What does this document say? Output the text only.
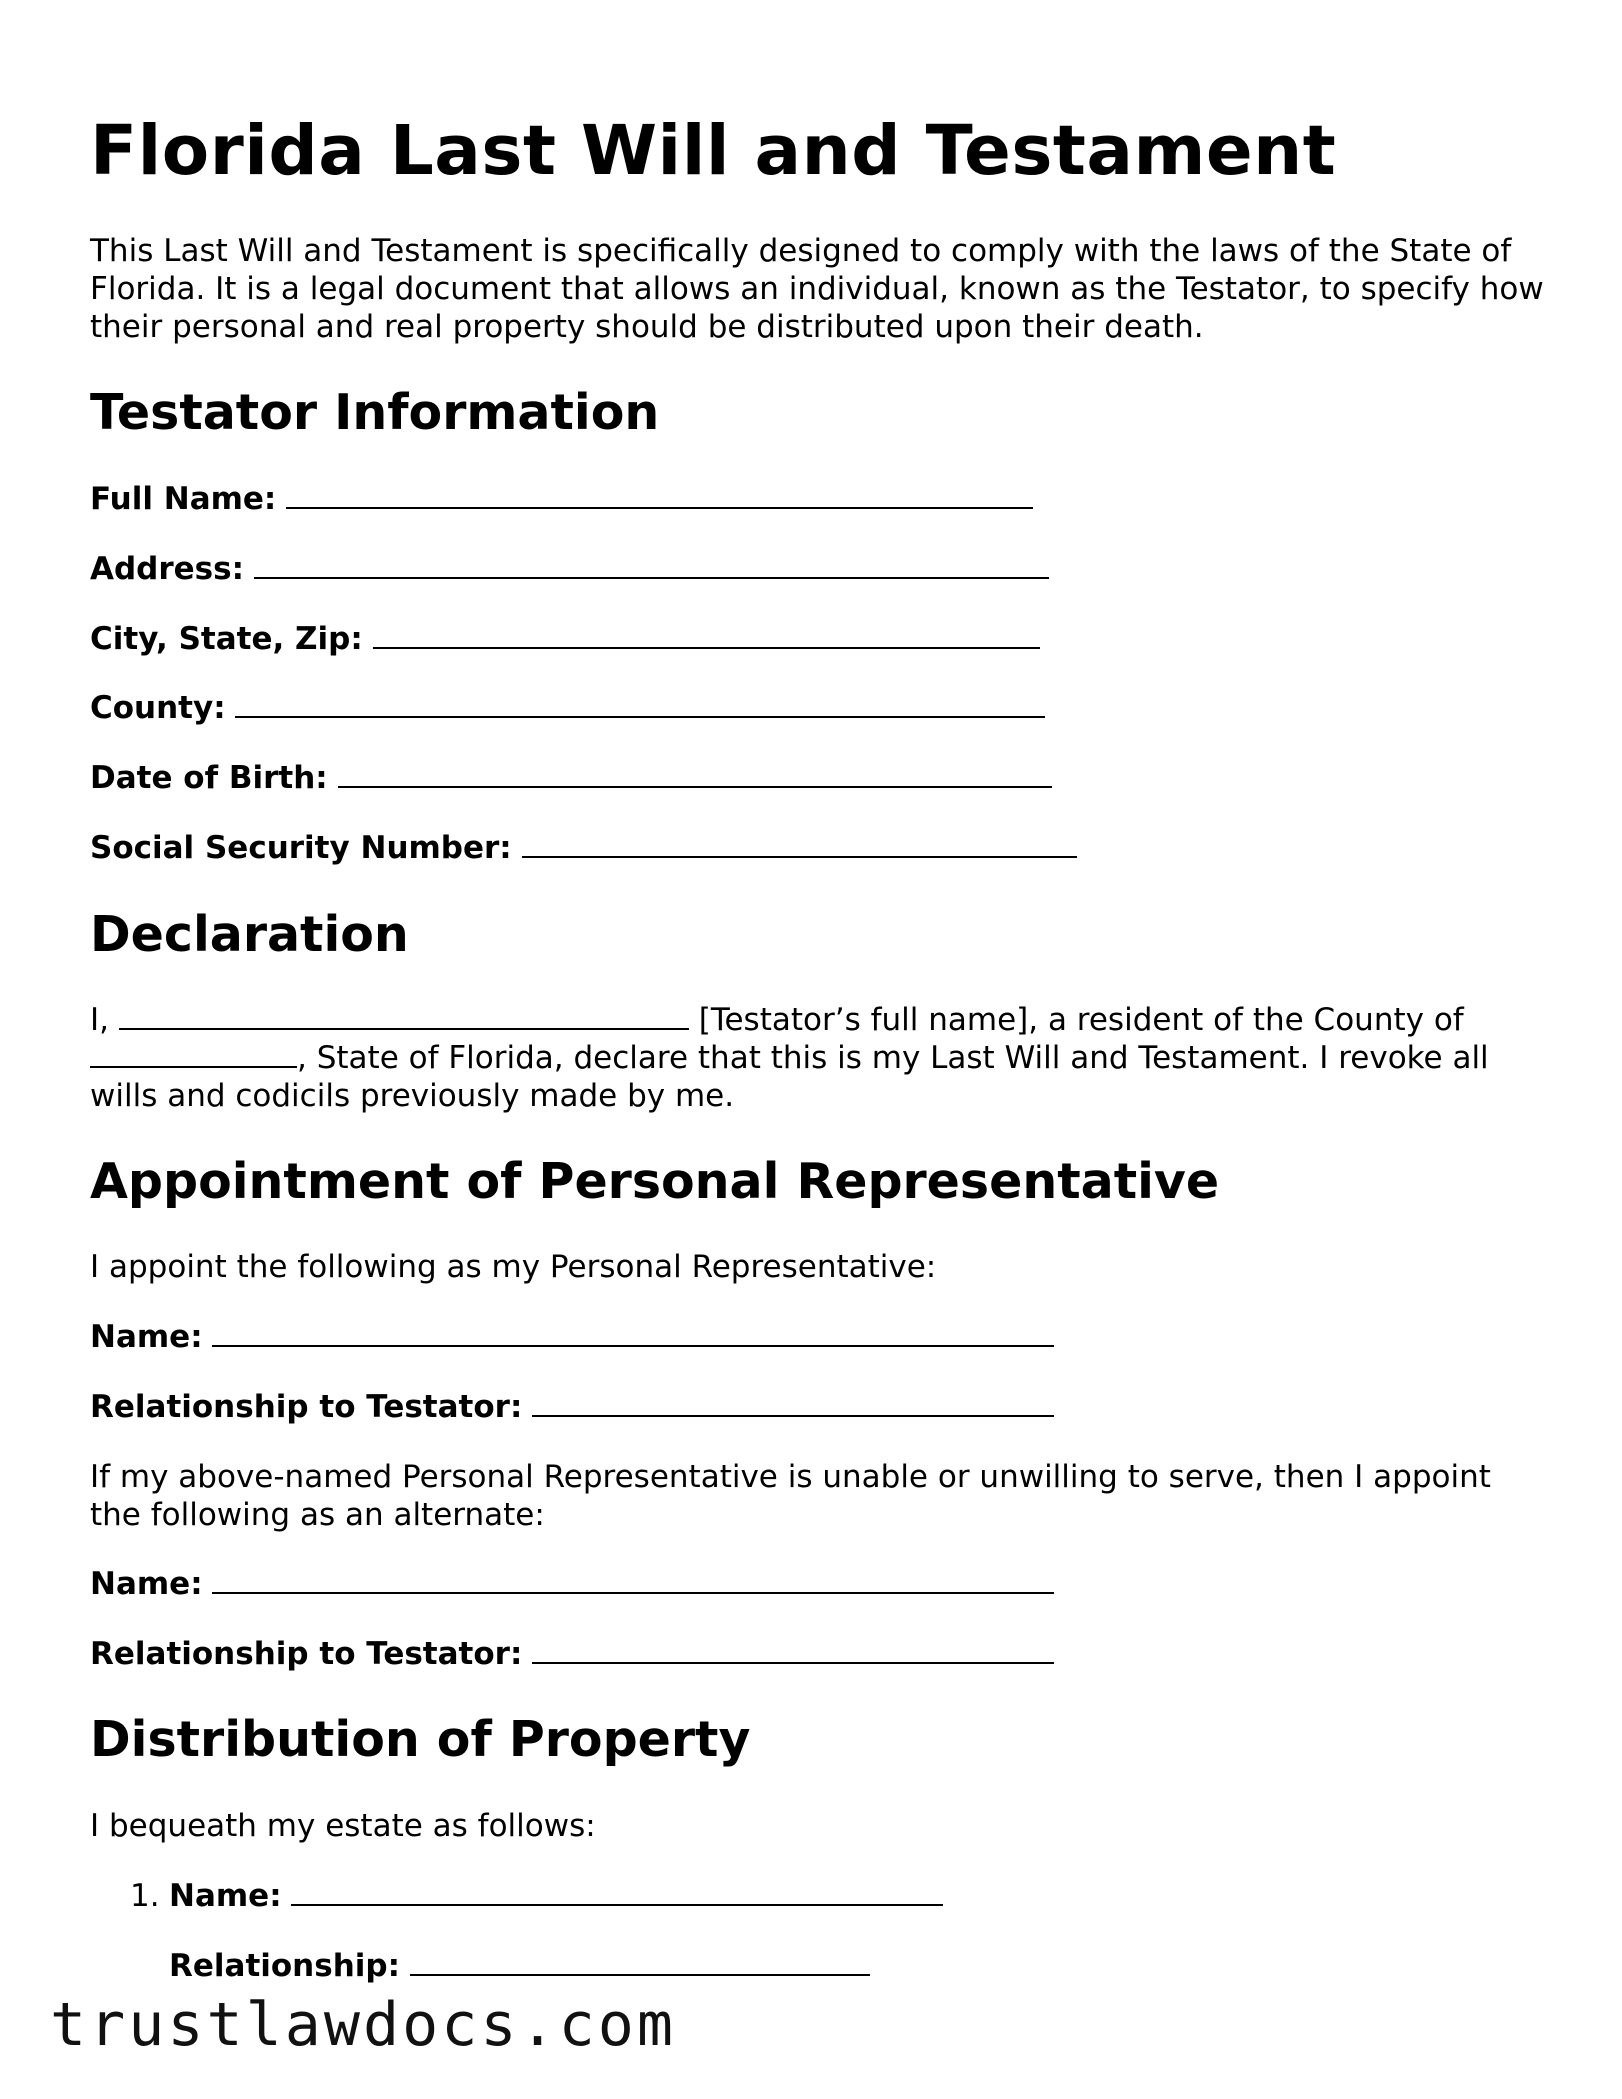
Florida Last Will and Testament

This Last Will and Testament is specifically designed to comply with the laws of the State of Florida. It is a legal document that allows an individual, known as the Testator, to specify how their personal and real property should be distributed upon their death.

Testator Information
Full Name:
Address:
City, State, Zip:
County:
Date of Birth:
Social Security Number:
Declaration
I,	[Testator’s full name], a resident of the County of
, State of Florida, declare that this is my Last Will and Testament. I revoke all wills and codicils previously made by me.
Appointment of Personal Representative

I appoint the following as my Personal Representative:

Name:
Relationship to Testator:

If my above-named Personal Representative is unable or unwilling to serve, then I appoint the following as an alternate:

Name:
Relationship to Testator:
Distribution of Property

I bequeath my estate as follows:

1. Name:
Relationship:
trustlawdocs.com
